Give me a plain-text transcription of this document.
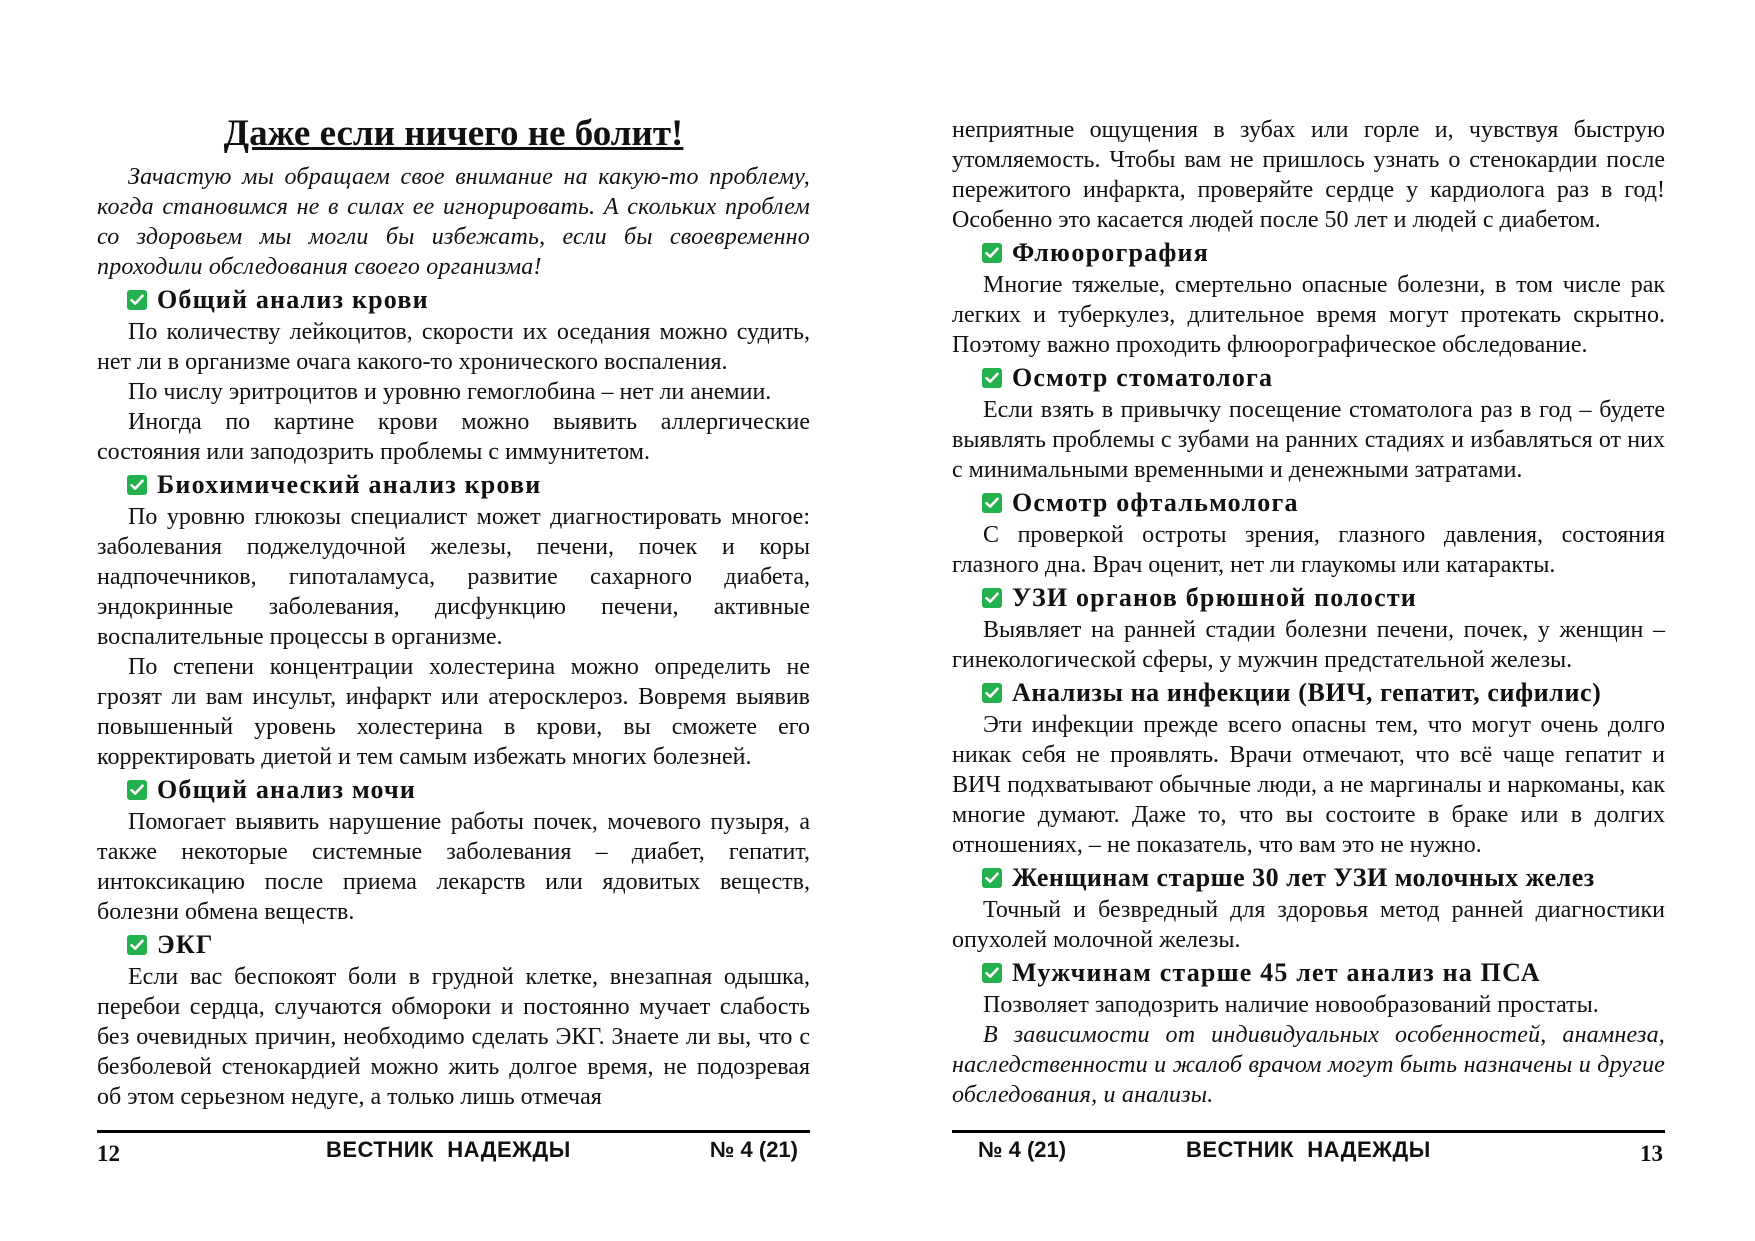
Даже если ничего не болит!

Зачастую мы обращаем свое внимание на какую-то проблему, когда становимся не в силах ее игнорировать. А скольких проблем со здоровьем мы могли бы избежать, если бы своевременно проходили обследования своего организма!

Общий анализ крови

По количеству лейкоцитов, скорости их оседания можно судить, нет ли в организме очага какого-то хронического воспаления.

По числу эритроцитов и уровню гемоглобина – нет ли анемии.

Иногда по картине крови можно выявить аллергические состояния или заподозрить проблемы с иммунитетом.

Биохимический анализ крови

По уровню глюкозы специалист может диагностировать многое: заболевания поджелудочной железы, печени, почек и коры надпочечников, гипоталамуса, развитие сахарного диабета, эндокринные заболевания, дисфункцию печени, активные воспалительные процессы в организме.

По степени концентрации холестерина можно определить не грозят ли вам инсульт, инфаркт или атеросклероз. Вовремя выявив повышенный уровень холестерина в крови, вы сможете его корректировать диетой и тем самым избежать многих болезней.

Общий анализ мочи

Помогает выявить нарушение работы почек, мочевого пузыря, а также некоторые системные заболевания – диабет, гепатит, интоксикацию после приема лекарств или ядовитых веществ, болезни обмена веществ.

ЭКГ

Если вас беспокоят боли в грудной клетке, внезапная одышка, перебои сердца, случаются обмороки и постоянно мучает слабость без очевидных причин, необходимо сделать ЭКГ. Знаете ли вы, что с безболевой стенокардией можно жить долгое время, не подозревая об этом серьезном недуге, а только лишь отмечая

12	ВЕСТНИК  НАДЕЖДЫ	№ 4 (21)

неприятные ощущения в зубах или горле и, чувствуя быструю утомляемость. Чтобы вам не пришлось узнать о стенокардии после пережитого инфаркта, проверяйте сердце у кардиолога раз в год! Особенно это касается людей после 50 лет и людей с диабетом.

Флюорография

Многие тяжелые, смертельно опасные болезни, в том числе рак легких и туберкулез, длительное время могут протекать скрытно. Поэтому важно проходить флюорографическое обследование.

Осмотр стоматолога

Если взять в привычку посещение стоматолога раз в год – будете выявлять проблемы с зубами на ранних стадиях и избавляться от них с минимальными временными и денежными затратами.

Осмотр офтальмолога

С проверкой остроты зрения, глазного давления, состояния глазного дна. Врач оценит, нет ли глаукомы или катаракты.

УЗИ органов брюшной полости

Выявляет на ранней стадии болезни печени, почек, у женщин – гинекологической сферы, у мужчин предстательной железы.

Анализы на инфекции (ВИЧ, гепатит, сифилис)

Эти инфекции прежде всего опасны тем, что могут очень долго никак себя не проявлять. Врачи отмечают, что всё чаще гепатит и ВИЧ подхватывают обычные люди, а не маргиналы и наркоманы, как многие думают. Даже то, что вы состоите в браке или в долгих отношениях, – не показатель, что вам это не нужно.

Женщинам старше 30 лет УЗИ молочных желез

Точный и безвредный для здоровья метод ранней диагностики опухолей молочной железы.

Мужчинам старше 45 лет анализ на ПСА

Позволяет заподозрить наличие новообразований простаты.

В зависимости от индивидуальных особенностей, анамнеза, наследственности и жалоб врачом могут быть назначены и другие обследования, и анализы.

№ 4 (21)	ВЕСТНИК  НАДЕЖДЫ	13
